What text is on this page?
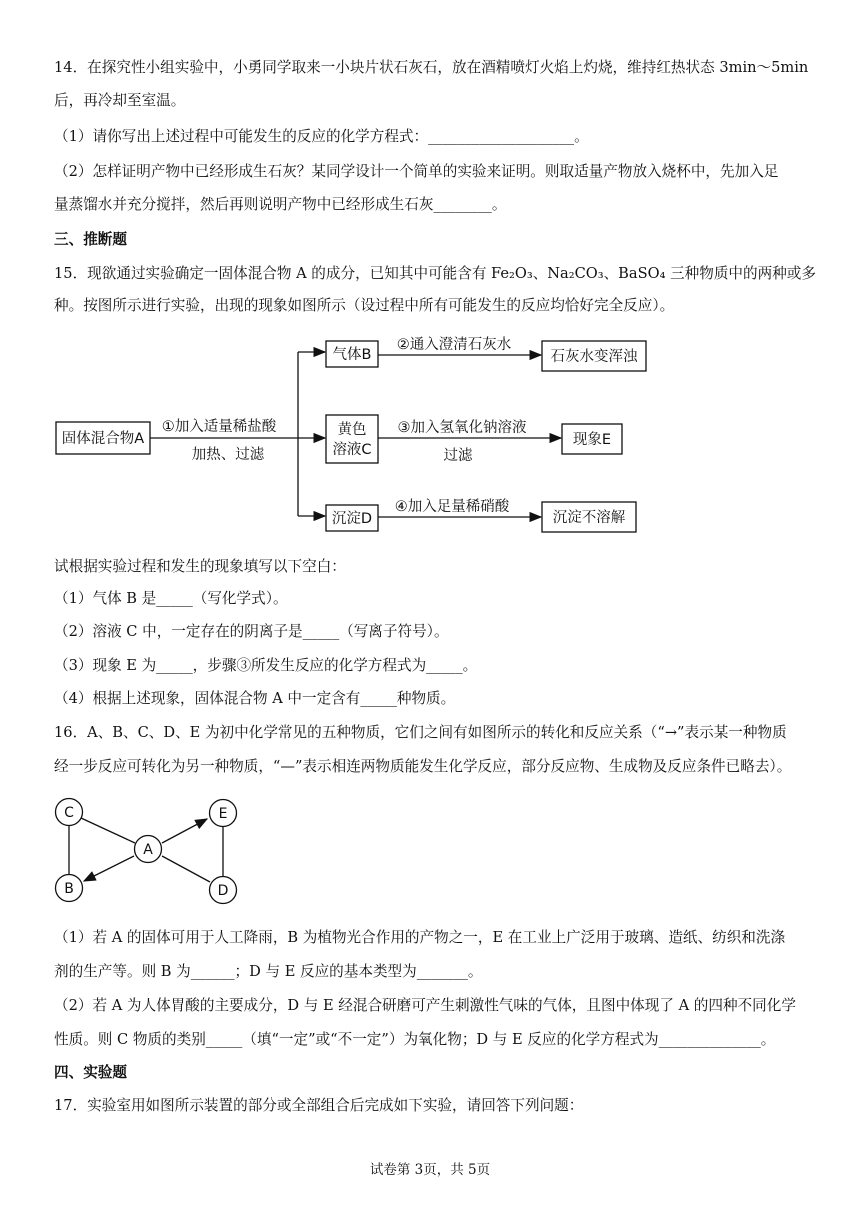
14．在探究性小组实验中，小勇同学取来一小块片状石灰石，放在酒精喷灯火焰上灼烧，维持红热状态 3min～5min
后，再冷却至室温。
（1）请你写出上述过程中可能发生的反应的化学方程式：____________________。
（2）怎样证明产物中已经形成生石灰？某同学设计一个简单的实验来证明。则取适量产物放入烧杯中，先加入足
量蒸馏水并充分搅拌，然后再则说明产物中已经形成生石灰________。
三、推断题
15．现欲通过实验确定一固体混合物 A 的成分，已知其中可能含有 Fe₂O₃、Na₂CO₃、BaSO₄ 三种物质中的两种或多
种。按图所示进行实验，出现的现象如图所示（设过程中所有可能发生的反应均恰好完全反应）。
固体混合物A
①加入适量稀盐酸
加热、过滤
气体B
②通入澄清石灰水
石灰水变浑浊
黄色
溶液C
③加入氢氧化钠溶液
过滤
现象E
沉淀D
④加入足量稀硝酸
沉淀不溶解
试根据实验过程和发生的现象填写以下空白：
（1）气体 B 是_____（写化学式）。
（2）溶液 C 中，一定存在的阴离子是_____（写离子符号）。
（3）现象 E 为_____，步骤③所发生反应的化学方程式为_____。
（4）根据上述现象，固体混合物 A 中一定含有_____种物质。
16．A、B、C、D、E 为初中化学常见的五种物质，它们之间有如图所示的转化和反应关系（“→”表示某一种物质
经一步反应可转化为另一种物质，“—”表示相连两物质能发生化学反应，部分反应物、生成物及反应条件已略去）。
C
A
E
B	D
（1）若 A 的固体可用于人工降雨，B 为植物光合作用的产物之一，E 在工业上广泛用于玻璃、造纸、纺织和洗涤
剂的生产等。则 B 为______；D 与 E 反应的基本类型为_______。
（2）若 A 为人体胃酸的主要成分，D 与 E 经混合研磨可产生刺激性气味的气体，且图中体现了 A 的四种不同化学
性质。则 C 物质的类别_____（填“一定”或“不一定”）为氧化物；D 与 E 反应的化学方程式为______________。
四、实验题
17．实验室用如图所示装置的部分或全部组合后完成如下实验，请回答下列问题：
试卷第 3页，共 5页
